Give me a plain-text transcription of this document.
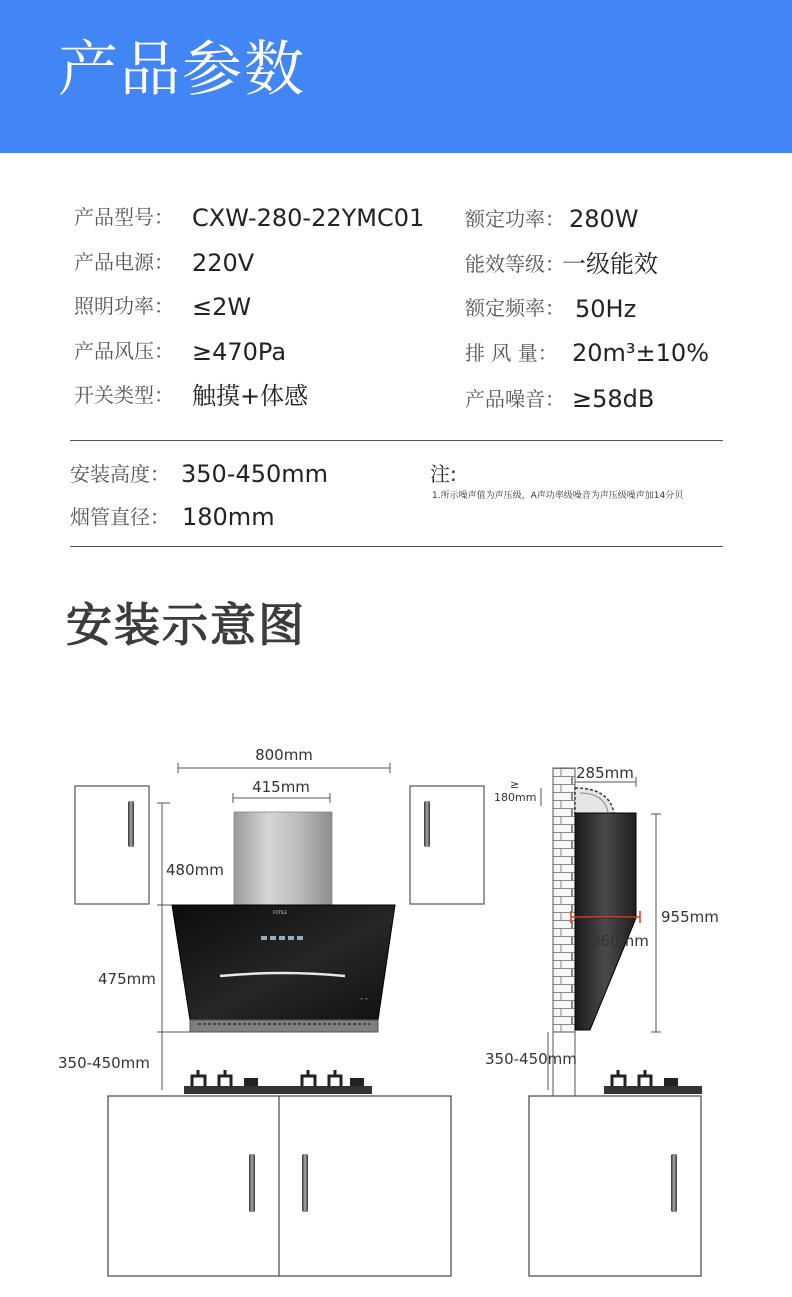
产品参数
产品型号： CXW-280-22YMC01
产品电源： 220V
照明功率： ≤2W
产品风压： ≥470Pa
开关类型： 触摸+体感
额定功率： 280W
能效等级：
一级能效
额定频率： 50Hz
排 风 量： 20m³±10%
产品噪音： ≥58dB
安装高度： 350-450mm
烟管直径： 180mm
注:
1.所示噪声值为声压级，A声功率级噪音为声压级噪声加14分贝
安装示意图
800mm
415mm
FOTILE
≡ ≡
480mm
475mm
350-450mm
285mm
≥
180mm
955mm
360mm
350-450mm
